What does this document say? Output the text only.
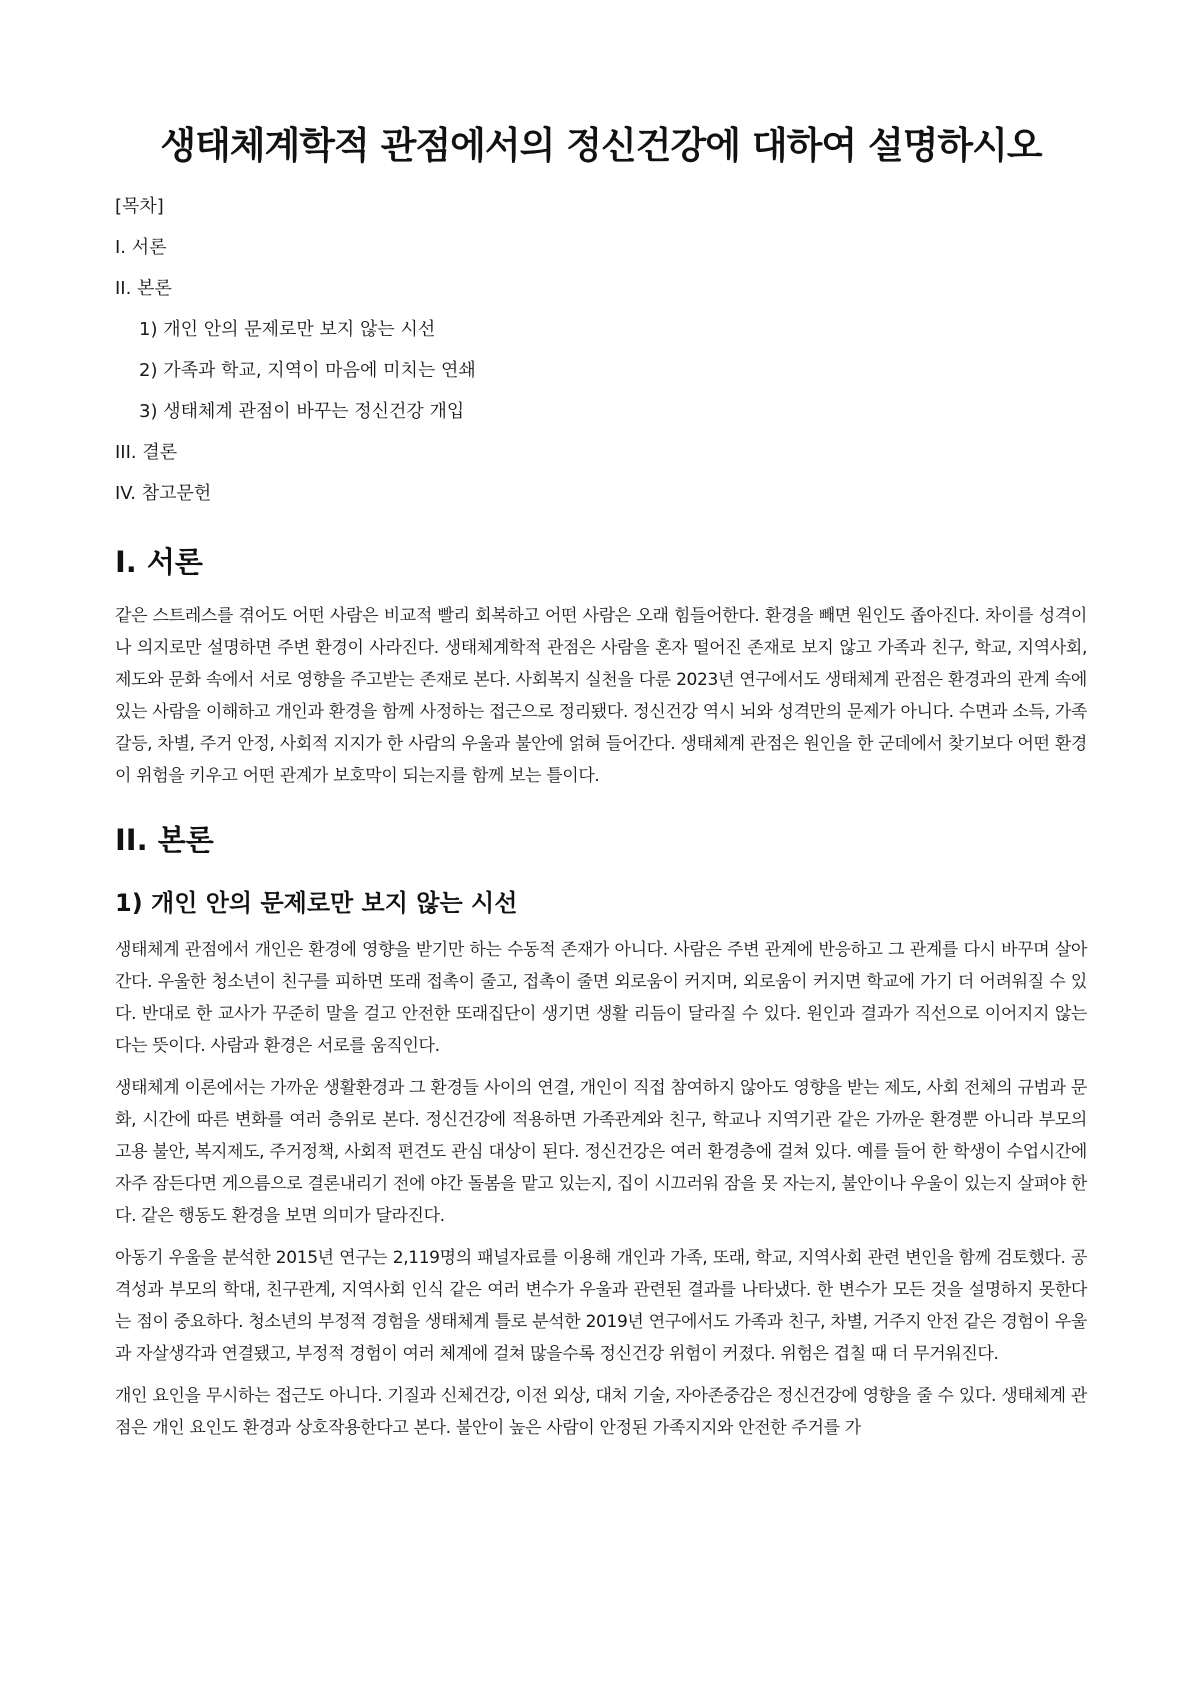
생태체계학적 관점에서의 정신건강에 대하여 설명하시오
[목차]
I. 서론
II. 본론
1) 개인 안의 문제로만 보지 않는 시선
2) 가족과 학교, 지역이 마음에 미치는 연쇄
3) 생태체계 관점이 바꾸는 정신건강 개입
III. 결론
IV. 참고문헌
I. 서론

같은 스트레스를 겪어도 어떤 사람은 비교적 빨리 회복하고 어떤 사람은 오래 힘들어한다. 환경을 빼면 원인도 좁아진다. 차이를 성격이나 의지로만 설명하면 주변 환경이 사라진다. 생태체계학적 관점은 사람을 혼자 떨어진 존재로 보지 않고 가족과 친구, 학교, 지역사회, 제도와 문화 속에서 서로 영향을 주고받는 존재로 본다. 사회복지 실천을 다룬 2023년 연구에서도 생태체계 관점은 환경과의 관계 속에 있는 사람을 이해하고 개인과 환경을 함께 사정하는 접근으로 정리됐다. 정신건강 역시 뇌와 성격만의 문제가 아니다. 수면과 소득, 가족갈등, 차별, 주거 안정, 사회적 지지가 한 사람의 우울과 불안에 얽혀 들어간다. 생태체계 관점은 원인을 한 군데에서 찾기보다 어떤 환경이 위험을 키우고 어떤 관계가 보호막이 되는지를 함께 보는 틀이다.

II. 본론
1) 개인 안의 문제로만 보지 않는 시선

생태체계 관점에서 개인은 환경에 영향을 받기만 하는 수동적 존재가 아니다. 사람은 주변 관계에 반응하고 그 관계를 다시 바꾸며 살아간다. 우울한 청소년이 친구를 피하면 또래 접촉이 줄고, 접촉이 줄면 외로움이 커지며, 외로움이 커지면 학교에 가기 더 어려워질 수 있다. 반대로 한 교사가 꾸준히 말을 걸고 안전한 또래집단이 생기면 생활 리듬이 달라질 수 있다. 원인과 결과가 직선으로 이어지지 않는다는 뜻이다. 사람과 환경은 서로를 움직인다.

생태체계 이론에서는 가까운 생활환경과 그 환경들 사이의 연결, 개인이 직접 참여하지 않아도 영향을 받는 제도, 사회 전체의 규범과 문화, 시간에 따른 변화를 여러 층위로 본다. 정신건강에 적용하면 가족관계와 친구, 학교나 지역기관 같은 가까운 환경뿐 아니라 부모의 고용 불안, 복지제도, 주거정책, 사회적 편견도 관심 대상이 된다. 정신건강은 여러 환경층에 걸쳐 있다. 예를 들어 한 학생이 수업시간에 자주 잠든다면 게으름으로 결론내리기 전에 야간 돌봄을 맡고 있는지, 집이 시끄러워 잠을 못 자는지, 불안이나 우울이 있는지 살펴야 한다. 같은 행동도 환경을 보면 의미가 달라진다.

아동기 우울을 분석한 2015년 연구는 2,119명의 패널자료를 이용해 개인과 가족, 또래, 학교, 지역사회 관련 변인을 함께 검토했다. 공격성과 부모의 학대, 친구관계, 지역사회 인식 같은 여러 변수가 우울과 관련된 결과를 나타냈다. 한 변수가 모든 것을 설명하지 못한다는 점이 중요하다. 청소년의 부정적 경험을 생태체계 틀로 분석한 2019년 연구에서도 가족과 친구, 차별, 거주지 안전 같은 경험이 우울과 자살생각과 연결됐고, 부정적 경험이 여러 체계에 걸쳐 많을수록 정신건강 위험이 커졌다. 위험은 겹칠 때 더 무거워진다.

개인 요인을 무시하는 접근도 아니다. 기질과 신체건강, 이전 외상, 대처 기술, 자아존중감은 정신건강에 영향을 줄 수 있다. 생태체계 관점은 개인 요인도 환경과 상호작용한다고 본다. 불안이 높은 사람이 안정된 가족지지와 안전한 주거를 가
